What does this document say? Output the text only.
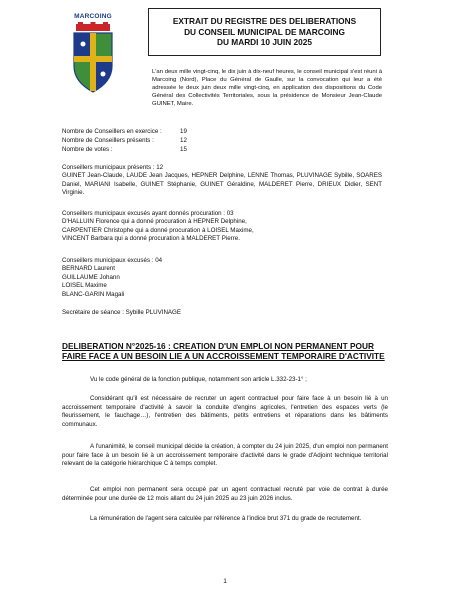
MARCOING	EXTRAIT DU REGISTRE DES DELIBERATIONS
DU CONSEIL MUNICIPAL DE MARCOING
DU MARDI 10 JUIN 2025
L'an deux mille vingt-cinq, le dix juin à dix-neuf heures, le conseil municipal s'est réuni à Marcoing (Nord), Place du Général de Gaulle, sur la convocation qui leur a été adressée le deux juin deux mille vingt-cinq, en application des dispositions du Code Général des Collectivités Territoriales, sous la présidence de Monsieur Jean-Claude GUINET, Maire.
Nombre de Conseillers en exercice :	19
Nombre de Conseillers présents :	12
Nombre de votes :	15
Conseillers municipaux présents : 12
GUINET Jean-Claude, LAUDE Jean Jacques, HEPNER Delphine, LENNE Thomas, PLUVINAGE Sybille, SOARES Daniel, MARIANI Isabelle, GUINET Stéphanie, GUINET Géraldine, MALDERET Pierre, DRIEUX Didier, SENT Virginie.
Conseillers municipaux excusés ayant donnés procuration : 03
D'HALLUIN Florence qui a donné procuration à HEPNER Delphine,
CARPENTIER Christophe qui a donné procuration à LOISEL Maxime,
VINCENT Barbara qui a donné procuration à MALDERET Pierre.
Conseillers municipaux excusés : 04
BERNARD Laurent
GUILLAUME Johann
LOISEL Maxime
BLANC-GARIN Magali
Secrétaire de séance : Sybille PLUVINAGE
DELIBERATION N°2025-16 : CREATION D'UN EMPLOI NON PERMANENT POUR FAIRE FACE A UN BESOIN LIE A UN ACCROISSEMENT TEMPORAIRE D'ACTIVITE
Vu le code général de la fonction publique, notamment son article L.332-23-1° ;
Considérant qu'il est nécessaire de recruter un agent contractuel pour faire face à un besoin lié à un accroissement temporaire d'activité à savoir la conduite d'engins agricoles, l'entretien des espaces verts (le fleurissement, le fauchage…), l'entretien des bâtiments, petits entretiens et réparations dans les bâtiments communaux.
A l'unanimité, le conseil municipal décide la création, à compter du 24 juin 2025, d'un emploi non permanent pour faire face à un besoin lié à un accroissement temporaire d'activité dans le grade d'Adjoint technique territorial relevant de la catégorie hiérarchique C à temps complet.
Cet emploi non permanent sera occupé par un agent contractuel recruté par voie de contrat à durée déterminée pour une durée de 12 mois allant du 24 juin 2025 au 23 juin 2026 inclus.
La rémunération de l'agent sera calculée par référence à l'indice brut 371 du grade de recrutement.
1
